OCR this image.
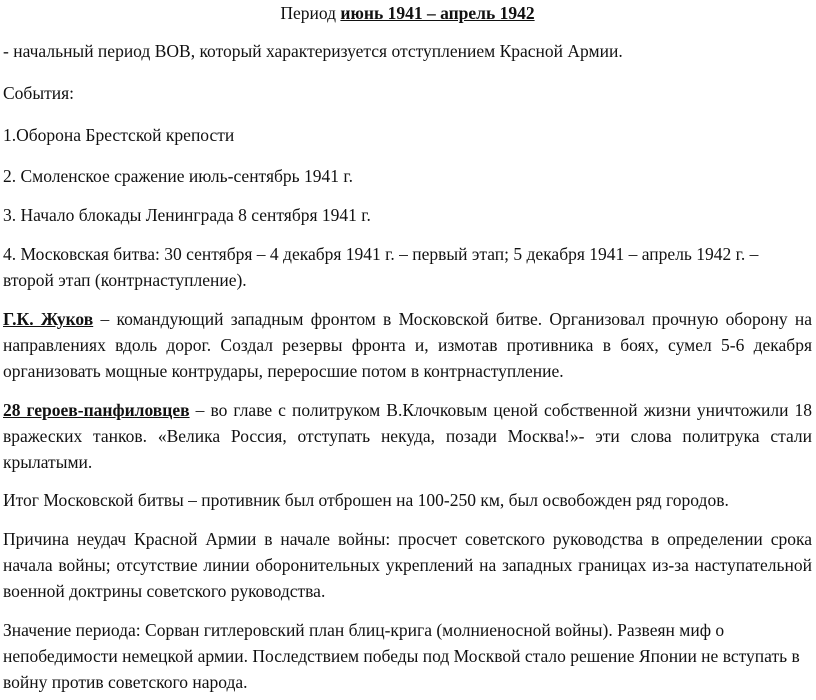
Период июнь 1941 – апрель 1942
- начальный период ВОВ, который характеризуется отступлением Красной Армии.
События:
1.Оборона Брестской крепости
2. Смоленское сражение июль-сентябрь 1941 г.
3. Начало блокады Ленинграда 8 сентября 1941 г.

4. Московская битва: 30 сентября – 4 декабря 1941 г. – первый этап; 5 декабря 1941 – апрель 1942 г. – второй этап (контрнаступление).

Г.К. Жуков – командующий западным фронтом в Московской битве. Организовал прочную оборону на направлениях вдоль дорог. Создал резервы фронта и, измотав противника в боях, сумел 5-6 декабря организовать мощные контрудары, переросшие потом в контрнаступление.

28 героев-панфиловцев – во главе с политруком В.Клочковым ценой собственной жизни уничтожили 18 вражеских танков. «Велика Россия, отступать некуда, позади Москва!»- эти слова политрука стали крылатыми.

Итог Московской битвы – противник был отброшен на 100-250 км, был освобожден ряд городов.

Причина неудач Красной Армии в начале войны: просчет советского руководства в определении срока начала войны; отсутствие линии оборонительных укреплений на западных границах из-за наступательной военной доктрины советского руководства.

Значение периода: Сорван гитлеровский план блиц-крига (молниеносной войны). Развеян миф о непобедимости немецкой армии. Последствием победы под Москвой стало решение Японии не вступать в войну против советского народа.
